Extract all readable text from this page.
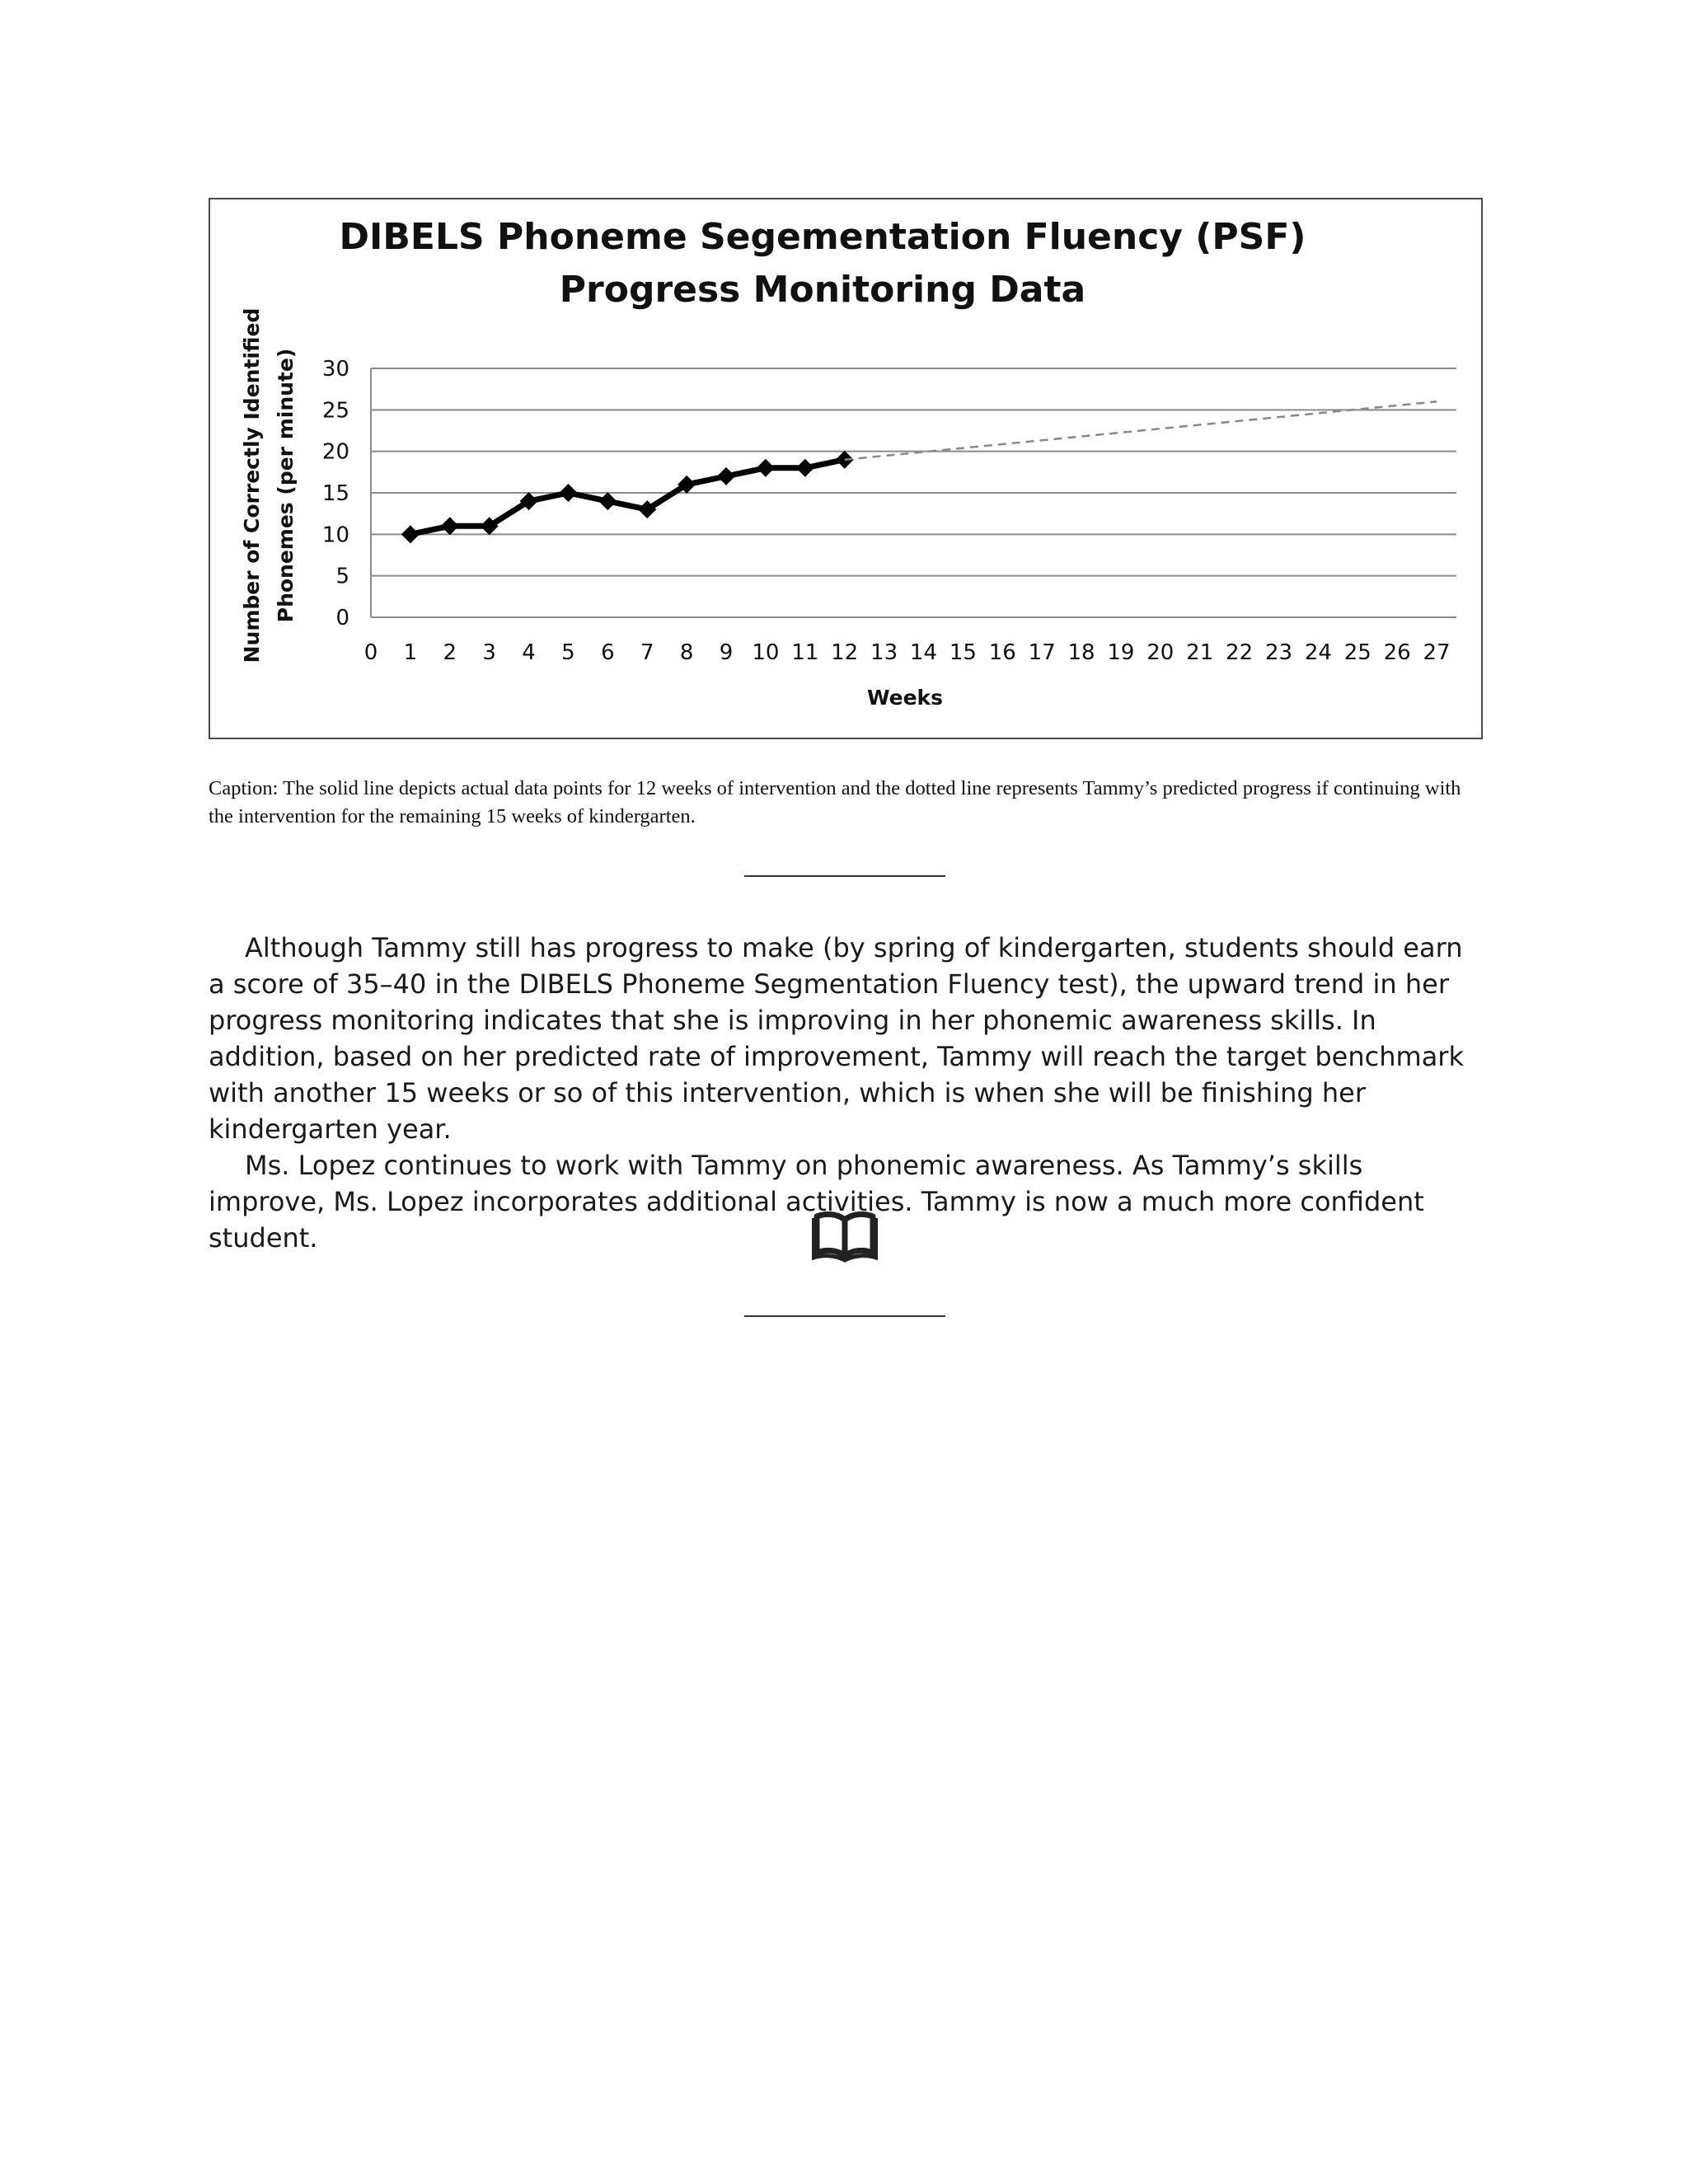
DIBELS Phoneme Segementation Fluency (PSF)
Progress Monitoring Data
0
5
10
15
20
25
30
0 1 2 3 4 5 6 7 8 9 10 11 12 13 14 15 16 17 18 19 20 21 22 23 24 25 26 27
Weeks
Number of Correctly Identified Phonemes (per minute)

Caption: The solid line depicts actual data points for 12 weeks of intervention and the dotted line represents Tammy’s predicted progress if continuing with the intervention for the remaining 15 weeks of kindergarten.

Although Tammy still has progress to make (by spring of kindergarten, students should earn a score of 35–40 in the DIBELS Phoneme Segmentation Fluency test), the upward trend in her progress monitoring indicates that she is improving in her phonemic awareness skills. In addition, based on her predicted rate of improvement, Tammy will reach the target benchmark with another 15 weeks or so of this intervention, which is when she will be finishing her kindergarten year.

Ms. Lopez continues to work with Tammy on phonemic awareness. As Tammy’s skills improve, Ms. Lopez incorporates additional activities. Tammy is now a much more confident student.
